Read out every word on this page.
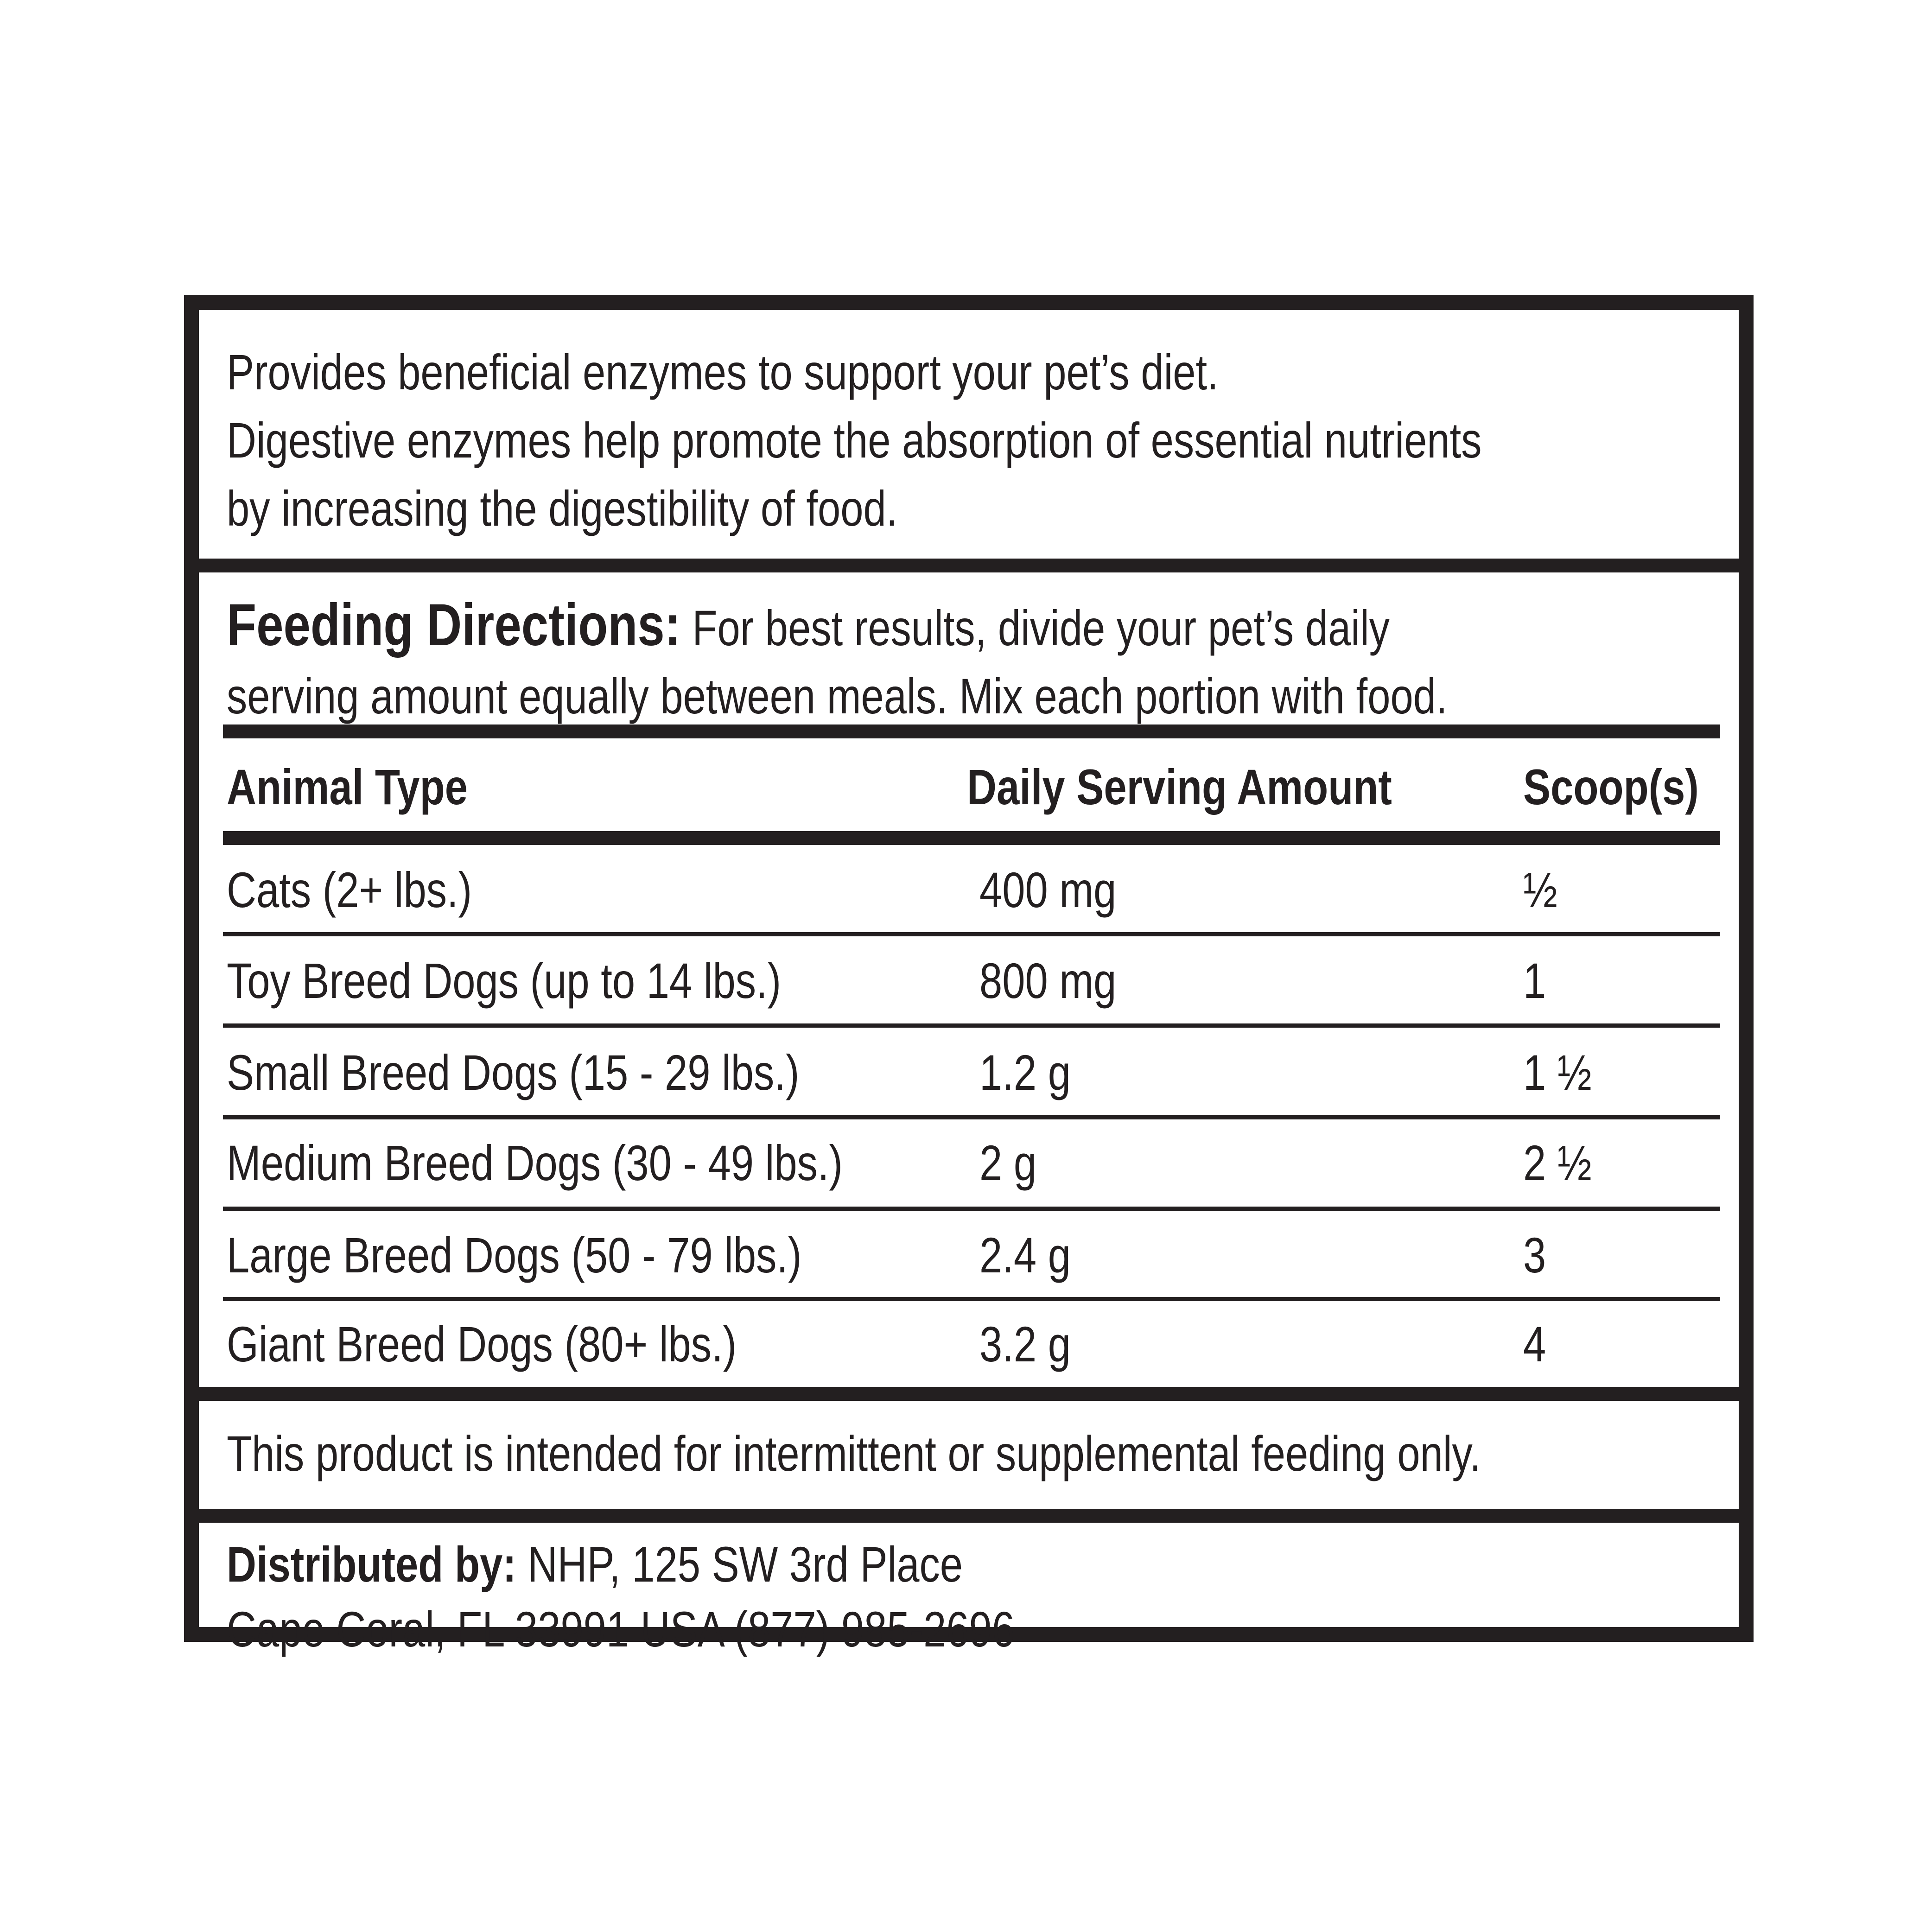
Provides beneficial enzymes to support your pet’s diet.
Digestive enzymes help promote the absorption of essential nutrients
by increasing the digestibility of food.
Feeding Directions: For best results, divide your pet’s daily
serving amount equally between meals. Mix each portion with food.
Animal Type	Daily Serving Amount	Scoop(s)
Cats (2+ lbs.)	400 mg	½
Toy Breed Dogs (up to 14 lbs.)	800 mg	1
Small Breed Dogs (15 - 29 lbs.)	1.2 g	1 ½
Medium Breed Dogs (30 - 49 lbs.)	2 g	2 ½
Large Breed Dogs (50 - 79 lbs.)	2.4 g	3
Giant Breed Dogs (80+ lbs.)	3.2 g	4
This product is intended for intermittent or supplemental feeding only.
Distributed by: NHP, 125 SW 3rd Place
Cape Coral, FL 33991 USA (877) 985-2696
